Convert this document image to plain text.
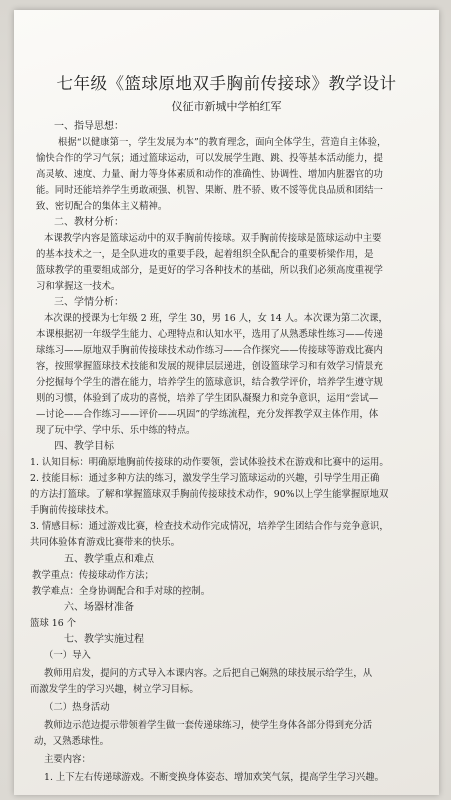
七年级《篮球原地双手胸前传接球》教学设计
仪征市新城中学柏红军
一、指导思想：
根据“以健康第一，学生发展为本”的教育理念，面向全体学生，营造自主体验，
愉快合作的学习气氛；通过篮球运动，可以发展学生跑、跳、投等基本活动能力，提
高灵敏、速度、力量、耐力等身体素质和动作的准确性、协调性、增加内脏器官的功
能。同时还能培养学生勇敢顽强、机智、果断、胜不骄、败不馁等优良品质和团结一
致、密切配合的集体主义精神。
二、教材分析：
本课教学内容是篮球运动中的双手胸前传接球。双手胸前传接球是篮球运动中主要
的基本技术之一，是全队进攻的重要手段，起着组织全队配合的重要桥梁作用，是
篮球教学的重要组成部分，是更好的学习各种技术的基础，所以我们必须高度重视学
习和掌握这一技术。
三、学情分析：
本次课的授课为七年级 2 班，学生 30，男 16 人，女 14 人。本次课为第二次课，
本课根据初一年级学生能力、心理特点和认知水平，选用了从熟悉球性练习——传递
球练习——原地双手胸前传接球技术动作练习——合作探究——传接球等游戏比赛内
容，按照掌握篮球技术技能和发展的规律层层递进，创设篮球学习和有效学习情景充
分挖掘每个学生的潜在能力，培养学生的篮球意识，结合教学评价，培养学生遵守规
则的习惯，体验到了成功的喜悦，培养了学生团队凝聚力和竞争意识，运用“尝试—
—讨论——合作练习——评价——巩固”的学练流程，充分发挥教学双主体作用，体
现了玩中学、学中乐、乐中练的特点。
四、教学目标
1. 认知目标：明确原地胸前传接球的动作要领，尝试体验技术在游戏和比赛中的运用。
2. 技能目标：通过多种方法的练习，激发学生学习篮球运动的兴趣，引导学生用正确
的方法打篮球。了解和掌握篮球双手胸前传接球技术动作，90%以上学生能掌握原地双
手胸前传接球技术。
3. 情感目标：通过游戏比赛，检查技术动作完成情况，培养学生团结合作与竞争意识，
共同体验体育游戏比赛带来的快乐。
五、教学重点和难点
教学重点：传接球动作方法；
教学难点：全身协调配合和手对球的控制。
六、场器材准备
篮球 16 个
七、教学实施过程
（一）导入
教师用启发，提问的方式导入本课内容。之后把自己娴熟的球技展示给学生，从
而激发学生的学习兴趣，树立学习目标。
（二）热身活动
教师边示范边提示带领着学生做一套传递球练习，使学生身体各部分得到充分活
动，又熟悉球性。
主要内容：
1. 上下左右传递球游戏。不断变换身体姿态、增加欢笑气氛，提高学生学习兴趣。
